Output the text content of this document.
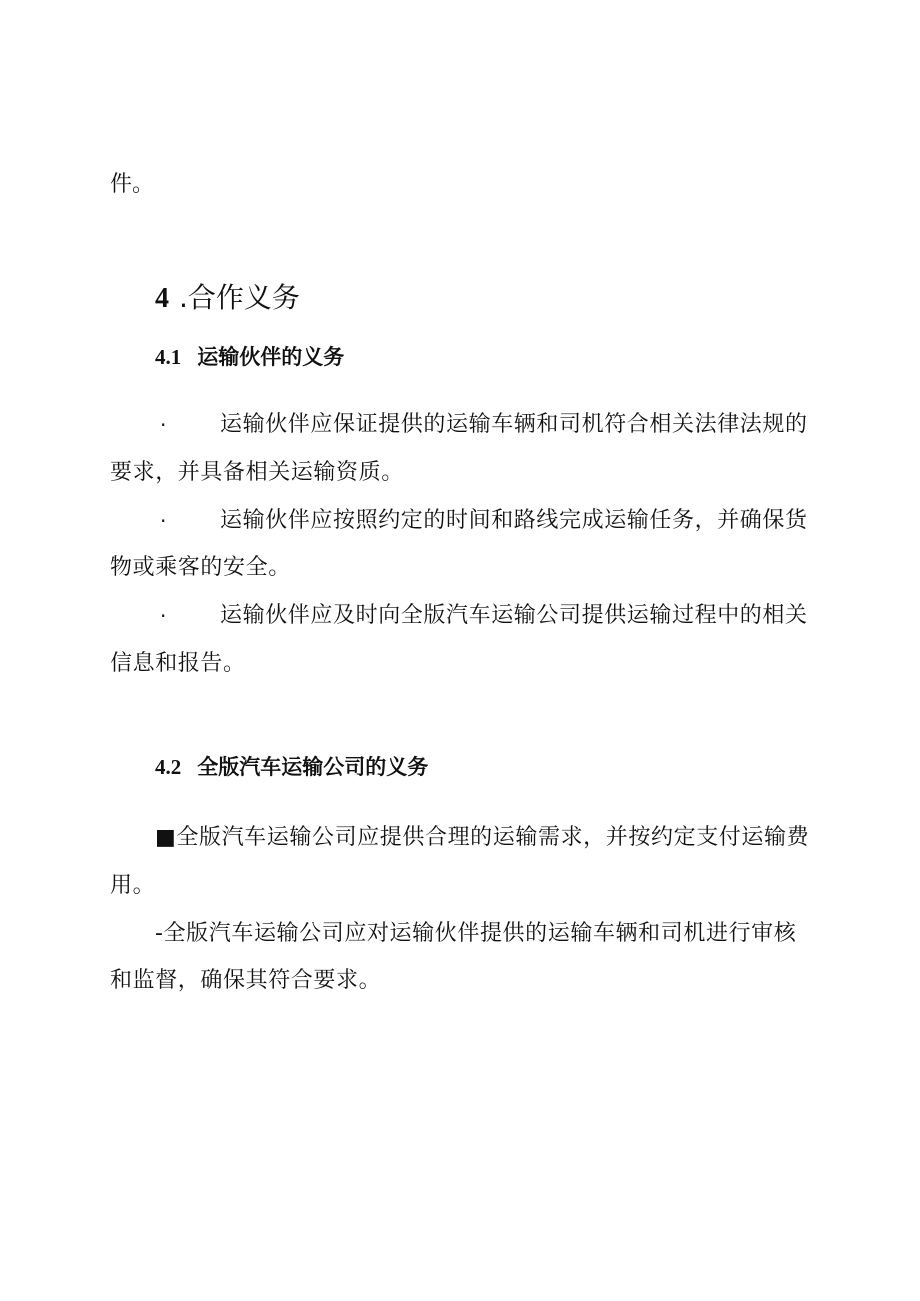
件。
4 .合作义务
4.1 运输伙伴的义务
· 运输伙伴应保证提供的运输车辆和司机符合相关法律法规的
要求，并具备相关运输资质。
· 运输伙伴应按照约定的时间和路线完成运输任务，并确保货
物或乘客的安全。
· 运输伙伴应及时向全版汽车运输公司提供运输过程中的相关
信息和报告。
4.2 全版汽车运输公司的义务
■全版汽车运输公司应提供合理的运输需求，并按约定支付运输费
用。
-全版汽车运输公司应对运输伙伴提供的运输车辆和司机进行审核
和监督，确保其符合要求。
